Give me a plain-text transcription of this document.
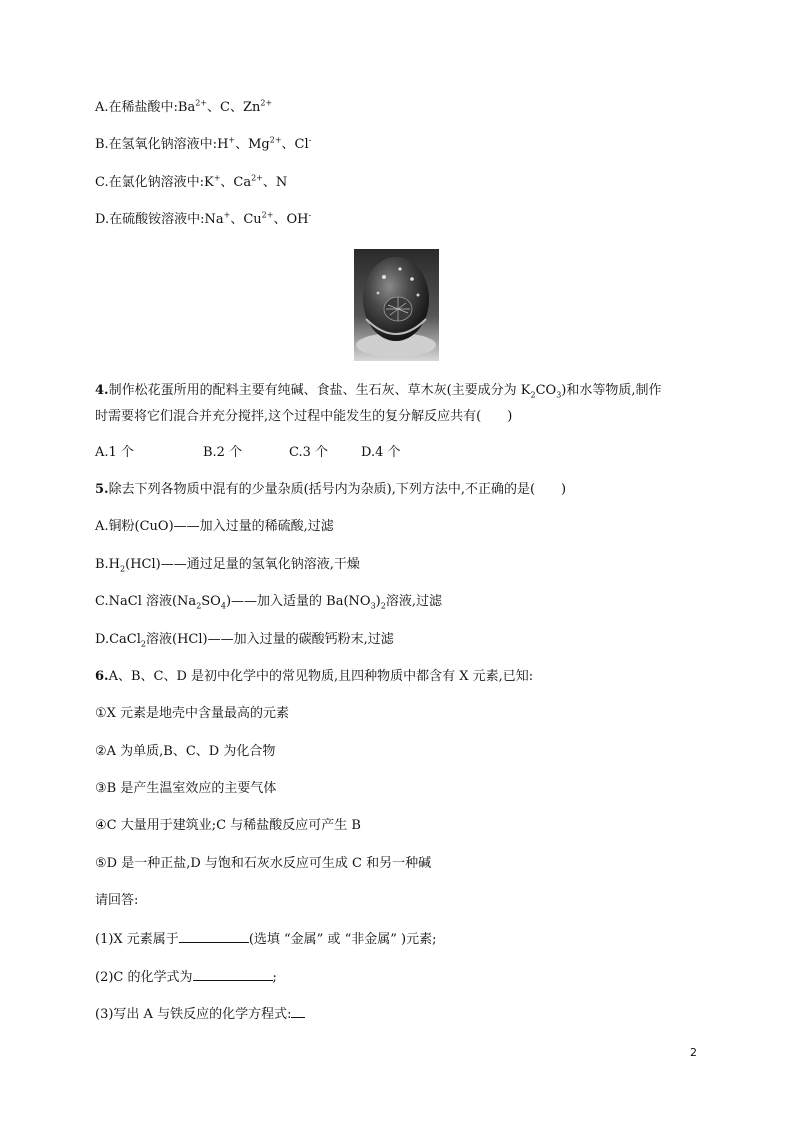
A.在稀盐酸中$:Ba^{2+}$、C、$Zn^{2+}$
B.在氢氧化钠溶液中:H+、$Mg^{2+}$、Cl-
C.在氯化钠溶液中:K+、$Ca^{2+}$、N
D.在硫酸铵溶液中:Na+、$Cu^{2+}$、OH-
4.制作松花蛋所用的配料主要有纯碱、食盐、生石灰、草木灰(主要成分为 $K_2CO_3$)和水等物质,制作
时需要将它们混合并充分搅拌,这个过程中能发生的复分解反应共有(　　)
A.1 个	B.2 个	C.3 个	D.4 个
5.除去下列各物质中混有的少量杂质(括号内为杂质),下列方法中,不正确的是(　　)
A.铜粉(CuO)——加入过量的稀硫酸,过滤
$B.H_2(HCl)——$通过足量的氢氧化钠溶液,干燥
C.NaCl 溶液$(Na_2SO_4)——$加入适量的 $Ba(NO_3)_2$溶液,过滤
D.CaCl$_2$溶液(HCl)——加入过量的碳酸钙粉末,过滤
6.A、B、C、D 是初中化学中的常见物质,且四种物质中都含有 X 元素,已知:
①X 元素是地壳中含量最高的元素
②A 为单质,B、C、D 为化合物
③B 是产生温室效应的主要气体
④C 大量用于建筑业;C 与稀盐酸反应可产生 B
⑤D 是一种正盐,D 与饱和石灰水反应可生成 C 和另一种碱
请回答:
(1)X 元素属于	(选填 “金属” 或 “非金属” )元素;
(2)C 的化学式为	;
(3)写出 A 与铁反应的化学方程式:
2
